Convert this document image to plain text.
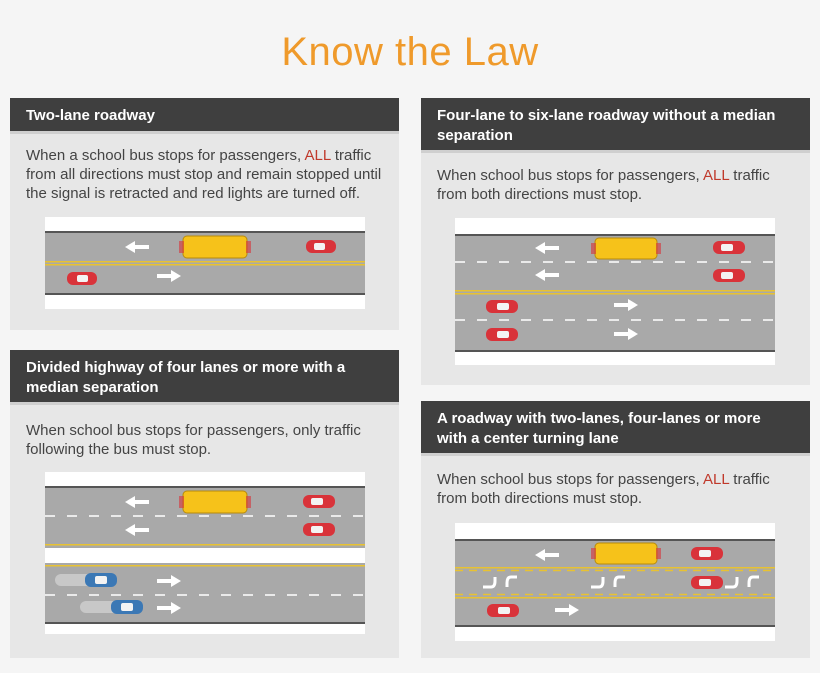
Know the Law
Two-lane roadway
When a school bus stops for passengers, ALL traffic from all directions must stop and remain stopped until the signal is retracted and red lights are turned off.
Four-lane to six-lane roadway without a median separation
When school bus stops for passengers, ALL traffic from both directions must stop.
Divided highway of four lanes or more with a median separation
When school bus stops for passengers, only traffic following the bus must stop.
A roadway with two-lanes, four-lanes or more with a center turning lane
When school bus stops for passengers, ALL traffic from both directions must stop.
